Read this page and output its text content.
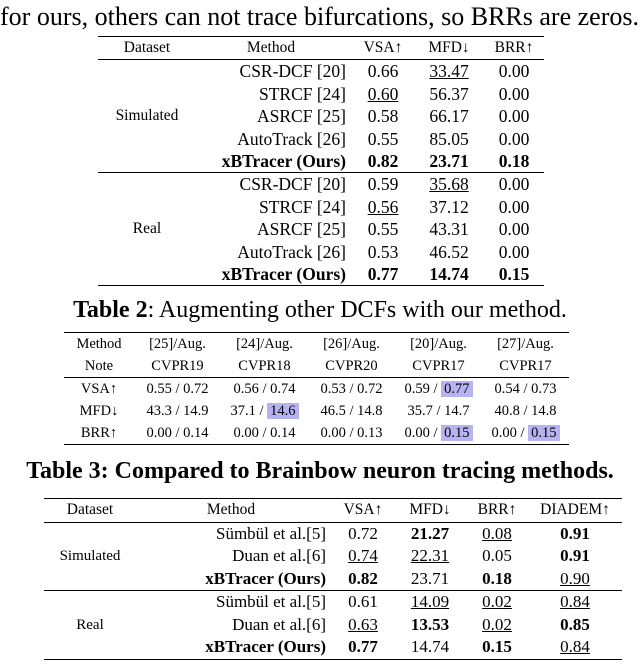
for ours, others can not trace bifurcations, so BRRs are zeros.
Dataset	Method	VSA↑	MFD↓	BRR↑
Simulated	CSR-DCF [20]	0.66	33.47	0.00
	STRCF [24]	0.60	56.37	0.00
	ASRCF [25]	0.58	66.17	0.00
	AutoTrack [26]	0.55	85.05	0.00
	xBTracer (Ours)	0.82	23.71	0.18
Real	CSR-DCF [20]	0.59	35.68	0.00
	STRCF [24]	0.56	37.12	0.00
	ASRCF [25]	0.55	43.31	0.00
	AutoTrack [26]	0.53	46.52	0.00
	xBTracer (Ours)	0.77	14.74	0.15
Table 2: Augmenting other DCFs with our method.
Method	[25]/Aug.	[24]/Aug.	[26]/Aug.	[20]/Aug.	[27]/Aug.
Note	CVPR19	CVPR18	CVPR20	CVPR17	CVPR17
VSA↑	0.55 / 0.72	0.56 / 0.74	0.53 / 0.72	0.59 / 0.77	0.54 / 0.73
MFD↓	43.3 / 14.9	37.1 / 14.6	46.5 / 14.8	35.7 / 14.7	40.8 / 14.8
BRR↑	0.00 / 0.14	0.00 / 0.14	0.00 / 0.13	0.00 / 0.15	0.00 / 0.15
Table 3: Compared to Brainbow neuron tracing methods.
Dataset	Method	VSA↑	MFD↓	BRR↑	DIADEM↑
Simulated	Sümbül et al.[5]	0.72	21.27	0.08	0.91
	Duan et al.[6]	0.74	22.31	0.05	0.91
	xBTracer (Ours)	0.82	23.71	0.18	0.90
Real	Sümbül et al.[5]	0.61	14.09	0.02	0.84
	Duan et al.[6]	0.63	13.53	0.02	0.85
	xBTracer (Ours)	0.77	14.74	0.15	0.84
